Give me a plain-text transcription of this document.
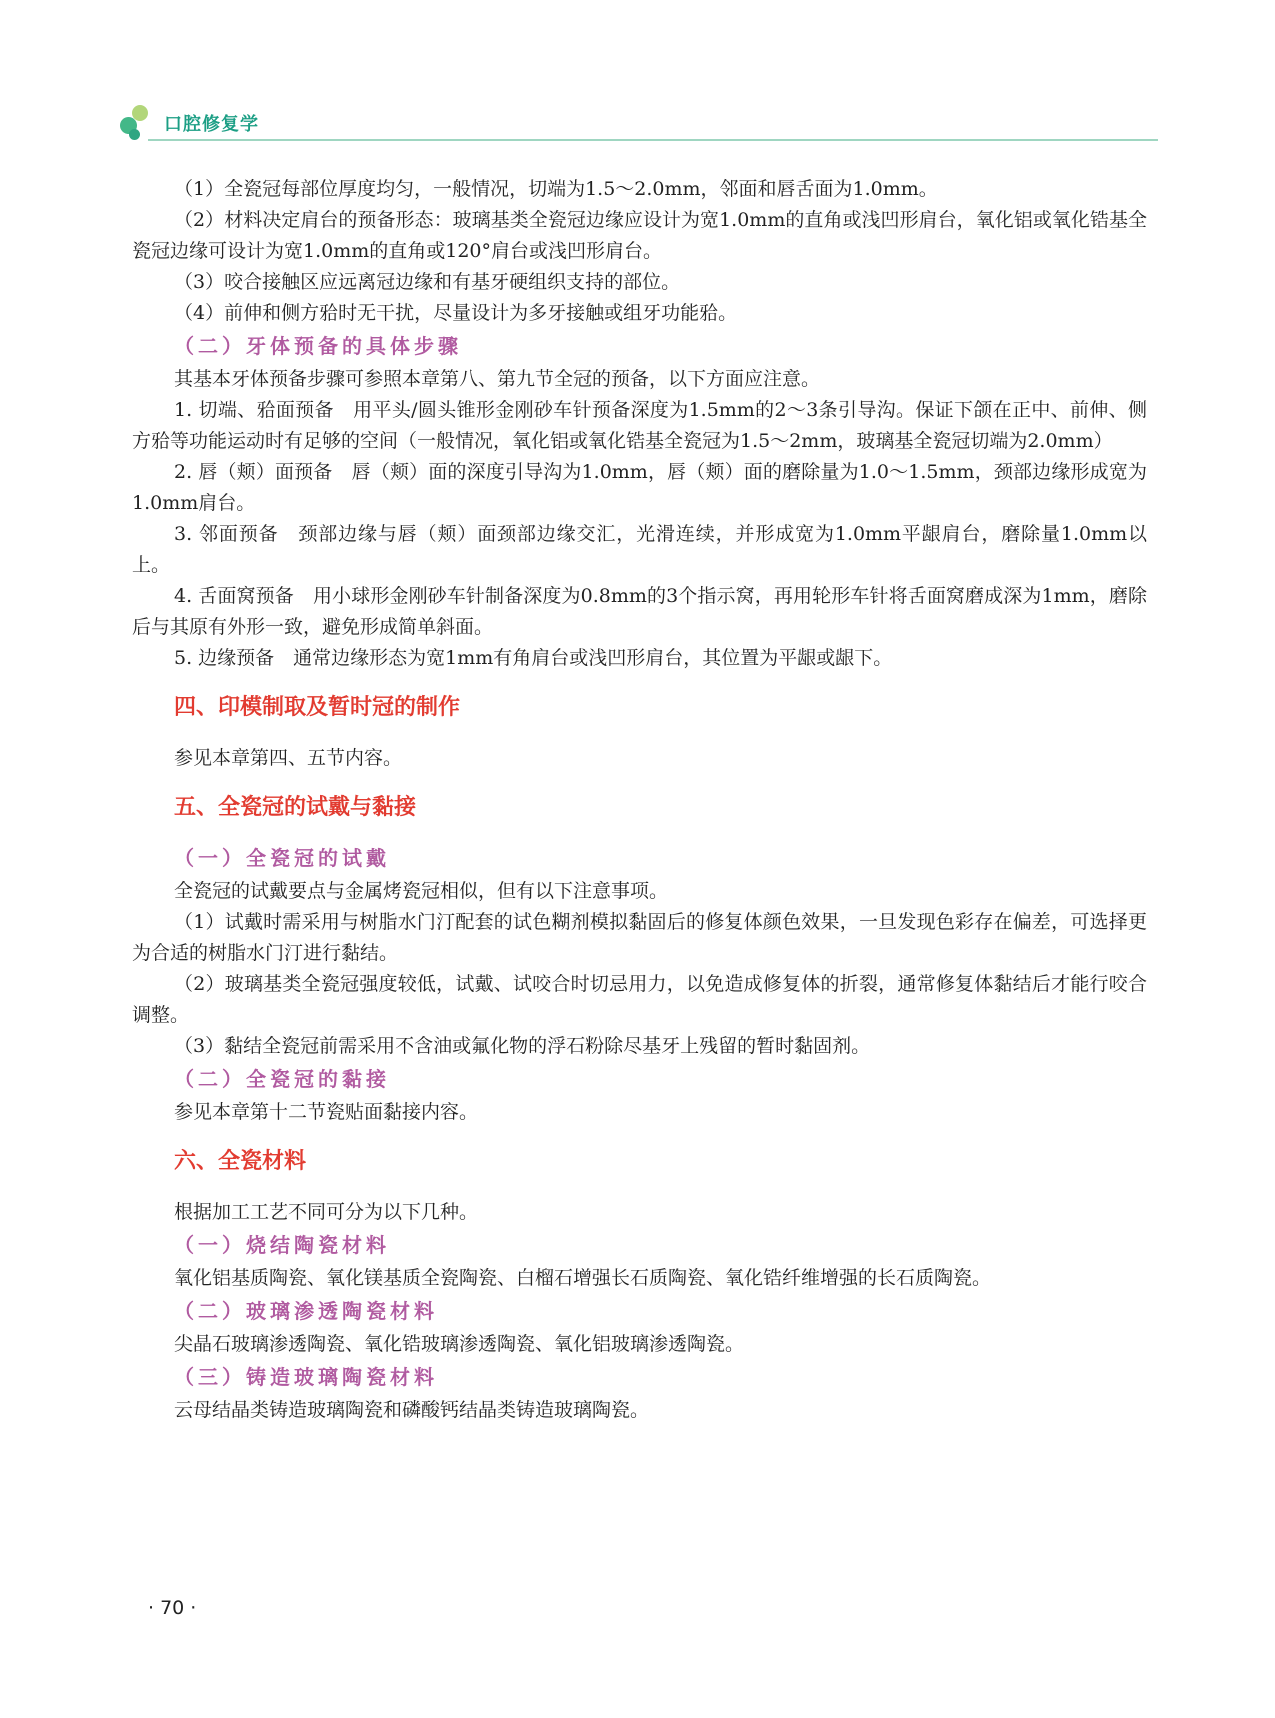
口腔修复学

（1）全瓷冠每部位厚度均匀，一般情况，切端为1.5～2.0mm，邻面和唇舌面为1.0mm。

（2）材料决定肩台的预备形态：玻璃基类全瓷冠边缘应设计为宽1.0mm的直角或浅凹形肩台，氧化铝或氧化锆基全瓷冠边缘可设计为宽1.0mm的直角或120°肩台或浅凹形肩台。

（3）咬合接触区应远离冠边缘和有基牙硬组织支持的部位。

（4）前伸和侧方𬌗时无干扰，尽量设计为多牙接触或组牙功能𬌗。

（二）牙体预备的具体步骤

其基本牙体预备步骤可参照本章第八、第九节全冠的预备，以下方面应注意。

1. 切端、𬌗面预备　用平头/圆头锥形金刚砂车针预备深度为1.5mm的2～3条引导沟。保证下颌在正中、前伸、侧方𬌗等功能运动时有足够的空间（一般情况，氧化铝或氧化锆基全瓷冠为1.5～2mm，玻璃基全瓷冠切端为2.0mm）

2. 唇（颊）面预备　唇（颊）面的深度引导沟为1.0mm，唇（颊）面的磨除量为1.0～1.5mm，颈部边缘形成宽为1.0mm肩台。

3. 邻面预备　颈部边缘与唇（颊）面颈部边缘交汇，光滑连续，并形成宽为1.0mm平龈肩台，磨除量1.0mm以上。

4. 舌面窝预备　用小球形金刚砂车针制备深度为0.8mm的3个指示窝，再用轮形车针将舌面窝磨成深为1mm，磨除后与其原有外形一致，避免形成简单斜面。

5. 边缘预备　通常边缘形态为宽1mm有角肩台或浅凹形肩台，其位置为平龈或龈下。

四、印模制取及暂时冠的制作

参见本章第四、五节内容。

五、全瓷冠的试戴与黏接
（一）全瓷冠的试戴

全瓷冠的试戴要点与金属烤瓷冠相似，但有以下注意事项。

（1）试戴时需采用与树脂水门汀配套的试色糊剂模拟黏固后的修复体颜色效果，一旦发现色彩存在偏差，可选择更为合适的树脂水门汀进行黏结。

（2）玻璃基类全瓷冠强度较低，试戴、试咬合时切忌用力，以免造成修复体的折裂，通常修复体黏结后才能行咬合调整。

（3）黏结全瓷冠前需采用不含油或氟化物的浮石粉除尽基牙上残留的暂时黏固剂。

（二）全瓷冠的黏接

参见本章第十二节瓷贴面黏接内容。

六、全瓷材料

根据加工工艺不同可分为以下几种。

（一）烧结陶瓷材料

氧化铝基质陶瓷、氧化镁基质全瓷陶瓷、白榴石增强长石质陶瓷、氧化锆纤维增强的长石质陶瓷。

（二）玻璃渗透陶瓷材料

尖晶石玻璃渗透陶瓷、氧化锆玻璃渗透陶瓷、氧化铝玻璃渗透陶瓷。

（三）铸造玻璃陶瓷材料

云母结晶类铸造玻璃陶瓷和磷酸钙结晶类铸造玻璃陶瓷。

· 70 ·
